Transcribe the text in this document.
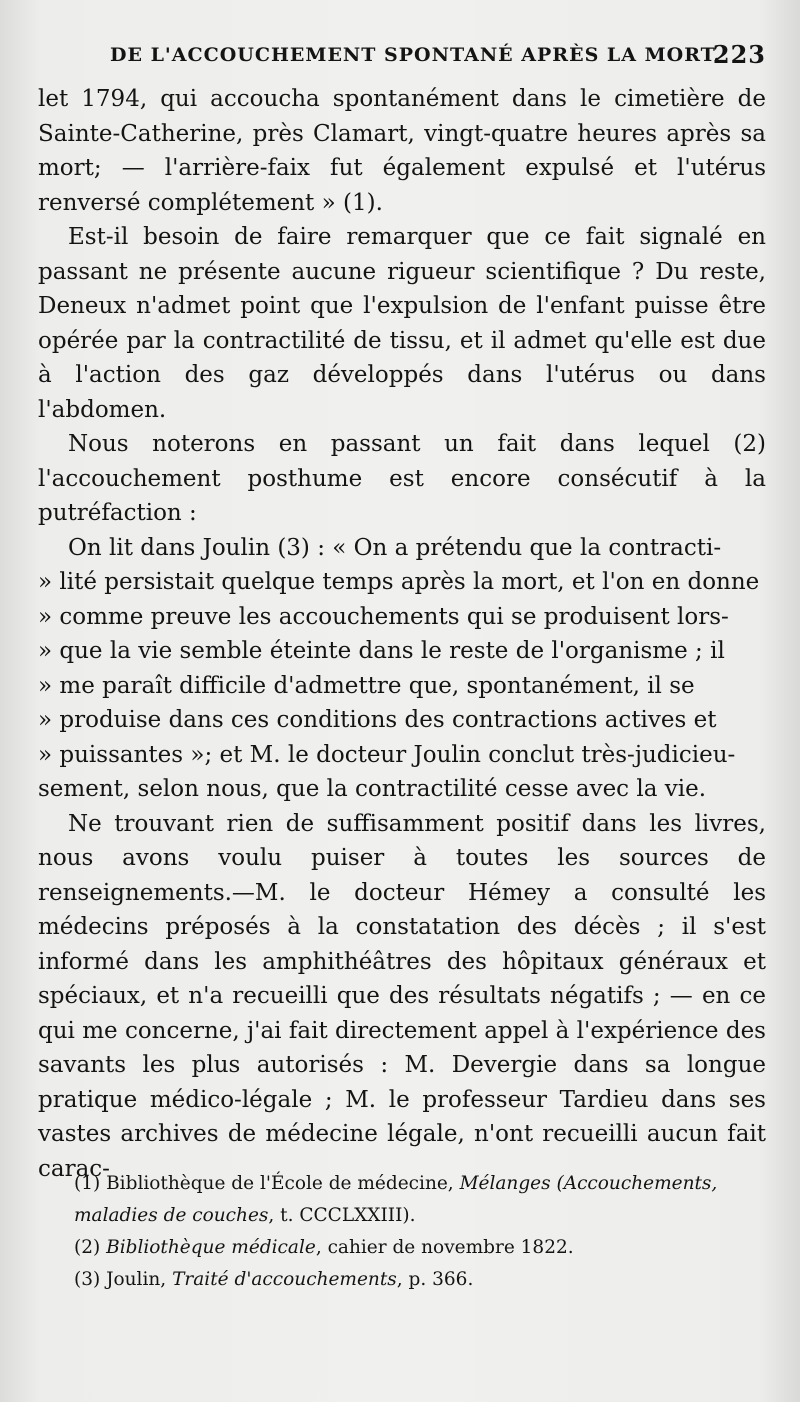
DE L'ACCOUCHEMENT SPONTANÉ APRÈS LA MORT.
223

let 1794, qui accoucha spontanément dans le cimetière de Sainte-Catherine, près Clamart, vingt-quatre heures après sa mort; — l'arrière-faix fut également expulsé et l'utérus renversé complétement » (1).

Est-il besoin de faire remarquer que ce fait signalé en passant ne présente aucune rigueur scientifique ? Du reste, Deneux n'admet point que l'expulsion de l'enfant puisse être opérée par la contractilité de tissu, et il admet qu'elle est due à l'action des gaz développés dans l'utérus ou dans l'abdomen.

Nous noterons en passant un fait dans lequel (2) l'accouchement posthume est encore consécutif à la putréfaction :

On lit dans Joulin (3) : « On a prétendu que la contracti-

» lité persistait quelque temps après la mort, et l'on en donne

» comme preuve les accouchements qui se produisent lors-

» que la vie semble éteinte dans le reste de l'organisme ; il

» me paraît difficile d'admettre que, spontanément, il se

» produise dans ces conditions des contractions actives et

» puissantes »; et M. le docteur Joulin conclut très-judicieu-

sement, selon nous, que la contractilité cesse avec la vie.

Ne trouvant rien de suffisamment positif dans les livres, nous avons voulu puiser à toutes les sources de renseignements.—M. le docteur Hémey a consulté les médecins préposés à la constatation des décès ; il s'est informé dans les amphithéâtres des hôpitaux généraux et spéciaux, et n'a recueilli que des résultats négatifs ; — en ce qui me concerne, j'ai fait directement appel à l'expérience des savants les plus autorisés : M. Devergie dans sa longue pratique médico-légale ; M. le professeur Tardieu dans ses vastes archives de médecine légale, n'ont recueilli aucun fait carac-

(1) Bibliothèque de l'École de médecine, Mélanges (Accouchements,
maladies de couches, t. CCCLXXIII).

(2) Bibliothèque médicale, cahier de novembre 1822.

(3) Joulin, Traité d'accouchements, p. 366.
